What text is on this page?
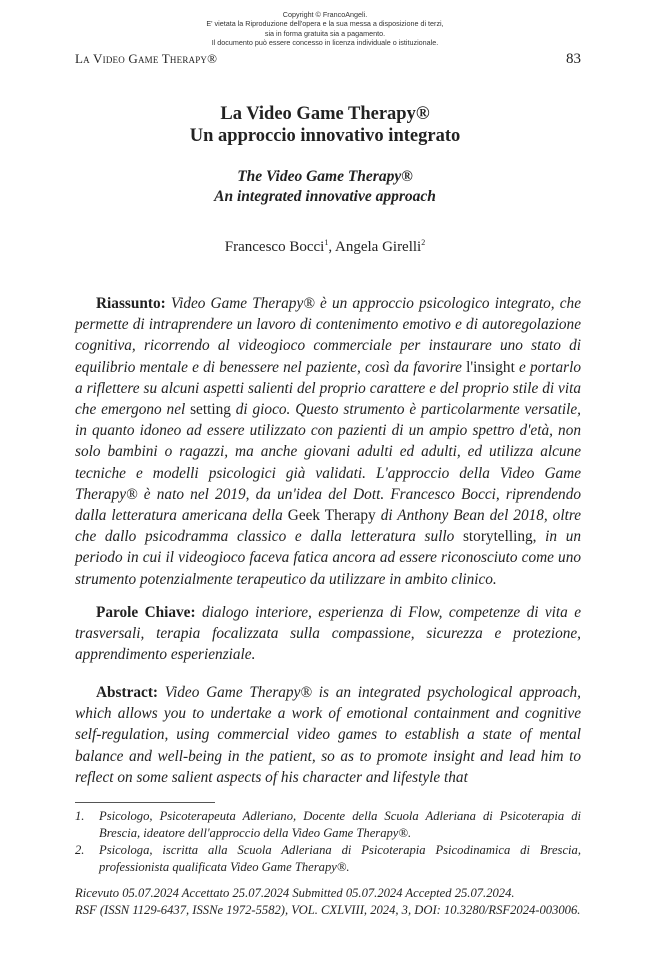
Copyright © FrancoAngeli.
E' vietata la Riproduzione dell'opera e la sua messa a disposizione di terzi,
sia in forma gratuita sia a pagamento.
Il documento può essere concesso in licenza individuale o istituzionale.
La Video Game Therapy®	83
La Video Game Therapy®
Un approccio innovativo integrato
The Video Game Therapy®
An integrated innovative approach
Francesco Bocci$^1$, Angela Girelli$^2$
Riassunto: Video Game Therapy® è un approccio psicologico integrato, che permette di intraprendere un lavoro di contenimento emotivo e di autoregolazione cognitiva, ricorrendo al videogioco commerciale per instaurare uno stato di equilibrio mentale e di benessere nel paziente, così da favorire l'insight e portarlo a riflettere su alcuni aspetti salienti del proprio carattere e del proprio stile di vita che emergono nel setting di gioco. Questo strumento è particolarmente versatile, in quanto idoneo ad essere utilizzato con pazienti di un ampio spettro d'età, non solo bambini o ragazzi, ma anche giovani adulti ed adulti, ed utilizza alcune tecniche e modelli psicologici già validati. L'approccio della Video Game Therapy® è nato nel 2019, da un'idea del Dott. Francesco Bocci, riprendendo dalla letteratura americana della Geek Therapy di Anthony Bean del 2018, oltre che dallo psicodramma classico e dalla letteratura sullo storytelling, in un periodo in cui il videogioco faceva fatica ancora ad essere riconosciuto come uno strumento potenzialmente terapeutico da utilizzare in ambito clinico.
Parole Chiave: dialogo interiore, esperienza di Flow, competenze di vita e trasversali, terapia focalizzata sulla compassione, sicurezza e protezione, apprendimento esperienziale.
Abstract: Video Game Therapy® is an integrated psychological approach, which allows you to undertake a work of emotional containment and cognitive self-regulation, using commercial video games to establish a state of mental balance and well-being in the patient, so as to promote insight and lead him to reflect on some salient aspects of his character and lifestyle that
1.	Psicologo, Psicoterapeuta Adleriano, Docente della Scuola Adleriana di Psicoterapia di Brescia, ideatore dell'approccio della Video Game Therapy®.
2.	Psicologa, iscritta alla Scuola Adleriana di Psicoterapia Psicodinamica di Brescia, professionista qualificata Video Game Therapy®.
Ricevuto 05.07.2024 Accettato 25.07.2024 Submitted 05.07.2024 Accepted 25.07.2024.
RSF (ISSN 1129-6437, ISSNe 1972-5582), VOL. CXLVIII, 2024, 3, DOI: 10.3280/RSF2024-003006.
